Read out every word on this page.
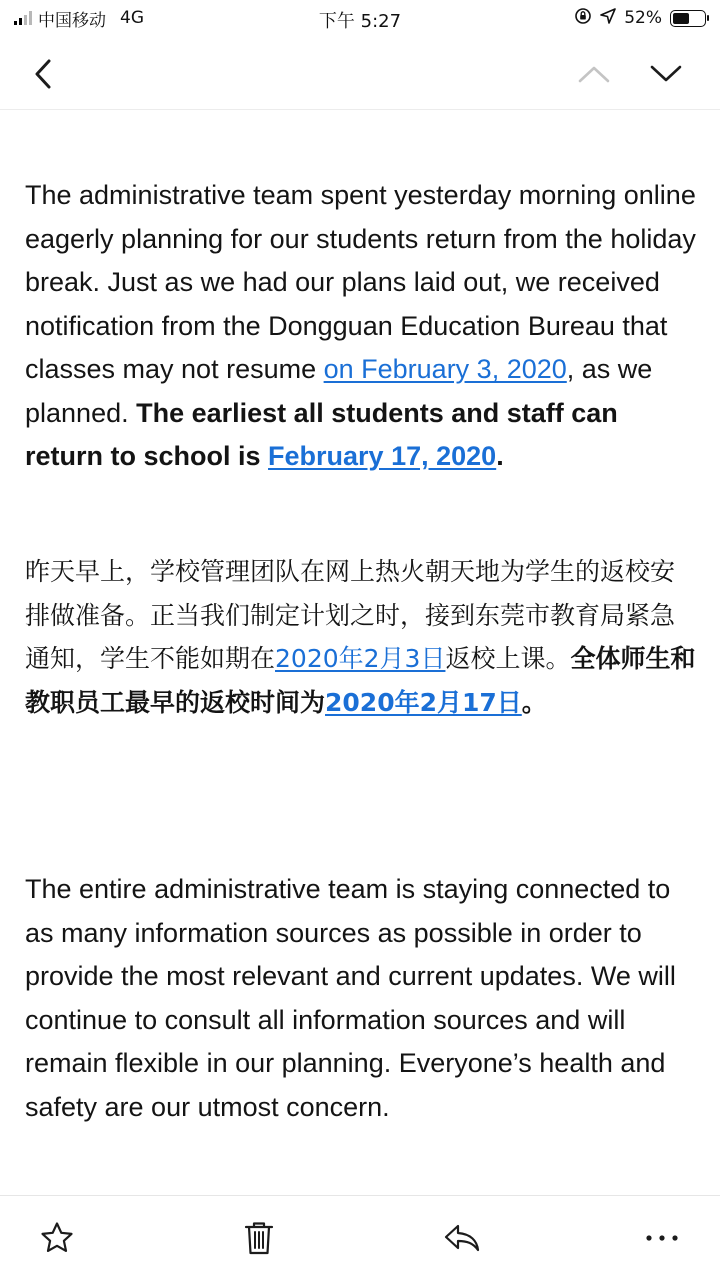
中国移动 4G	下午 5:27	52%

The administrative team spent yesterday morning online eagerly planning for our students return from the holiday break. Just as we had our plans laid out, we received notification from the Dongguan Education Bureau that classes may not resume on February 3, 2020, as we planned. The earliest all students and staff can return to school is February 17, 2020.

昨天早上，学校管理团队在网上热火朝天地为学生的返校安排做准备。正当我们制定计划之时，接到东莞市教育局紧急通知，学生不能如期在2020年2月3日返校上课。全体师生和教职员工最早的返校时间为2020年2月17日。

The entire administrative team is staying connected to as many information sources as possible in order to provide the most relevant and current updates. We will continue to consult all information sources and will remain flexible in our planning. Everyone’s health and safety are our utmost concern.
